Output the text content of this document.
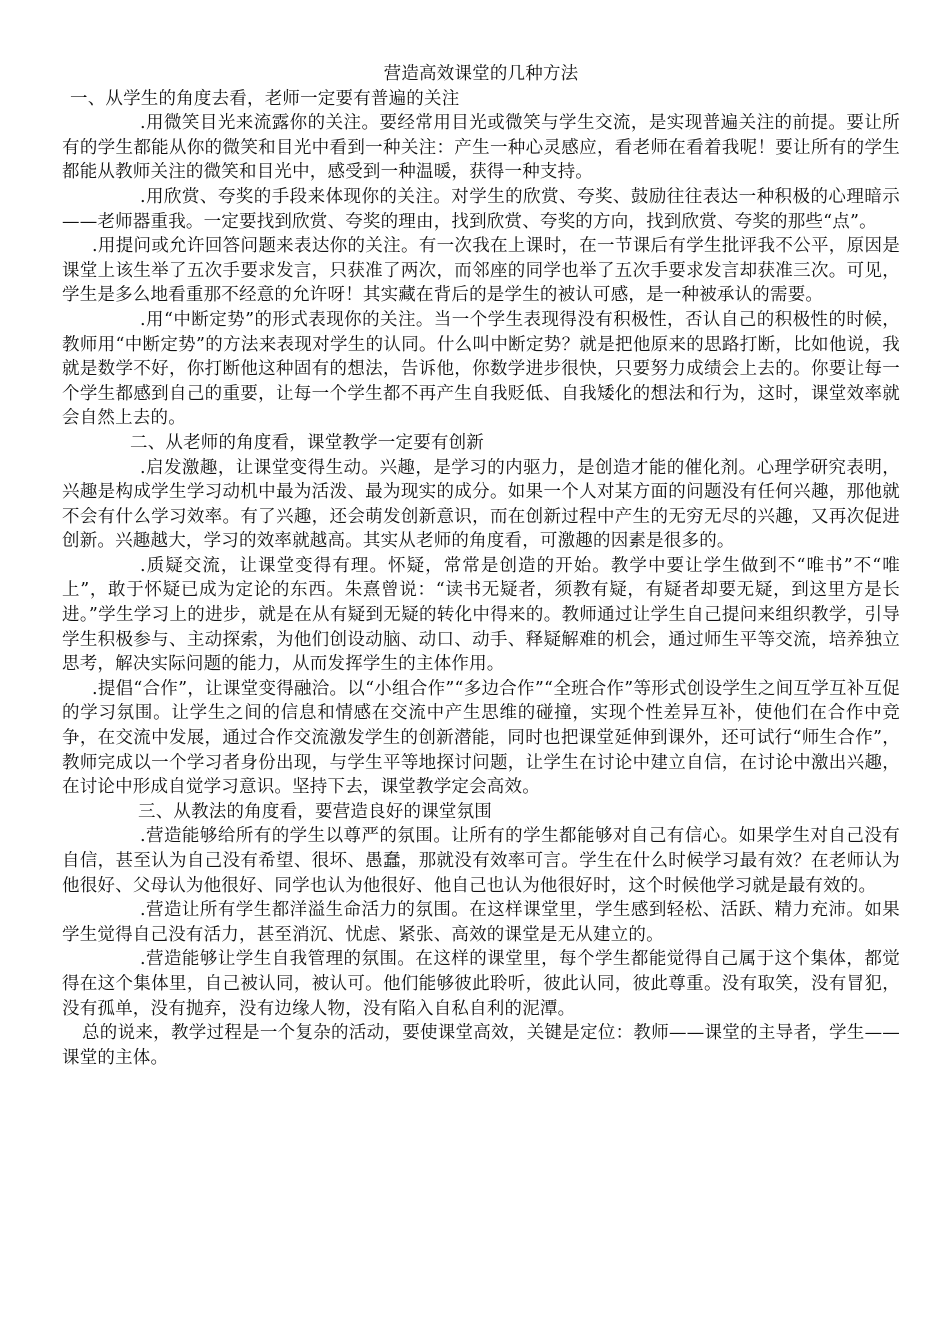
营造高效课堂的几种方法
一、从学生的角度去看，老师一定要有普遍的关注

.用微笑目光来流露你的关注。要经常用目光或微笑与学生交流，是实现普遍关注的前提。要让所有的学生都能从你的微笑和目光中看到一种关注：产生一种心灵感应，看老师在看着我呢！要让所有的学生都能从教师关注的微笑和目光中，感受到一种温暖，获得一种支持。

.用欣赏、夸奖的手段来体现你的关注。对学生的欣赏、夸奖、鼓励往往表达一种积极的心理暗示——老师器重我。一定要找到欣赏、夸奖的理由，找到欣赏、夸奖的方向，找到欣赏、夸奖的那些“点”。

.用提问或允许回答问题来表达你的关注。有一次我在上课时，在一节课后有学生批评我不公平，原因是课堂上该生举了五次手要求发言，只获准了两次，而邻座的同学也举了五次手要求发言却获准三次。可见，学生是多么地看重那不经意的允许呀！其实藏在背后的是学生的被认可感，是一种被承认的需要。

.用“中断定势”的形式表现你的关注。当一个学生表现得没有积极性，否认自己的积极性的时候，教师用“中断定势”的方法来表现对学生的认同。什么叫中断定势？就是把他原来的思路打断，比如他说，我就是数学不好，你打断他这种固有的想法，告诉他，你数学进步很快，只要努力成绩会上去的。你要让每一个学生都感到自己的重要，让每一个学生都不再产生自我贬低、自我矮化的想法和行为，这时，课堂效率就会自然上去的。

二、从老师的角度看，课堂教学一定要有创新

.启发激趣，让课堂变得生动。兴趣，是学习的内驱力，是创造才能的催化剂。心理学研究表明，兴趣是构成学生学习动机中最为活泼、最为现实的成分。如果一个人对某方面的问题没有任何兴趣，那他就不会有什么学习效率。有了兴趣，还会萌发创新意识，而在创新过程中产生的无穷无尽的兴趣，又再次促进创新。兴趣越大，学习的效率就越高。其实从老师的角度看，可激趣的因素是很多的。

.质疑交流，让课堂变得有理。怀疑，常常是创造的开始。教学中要让学生做到不“唯书”不“唯上”，敢于怀疑已成为定论的东西。朱熹曾说：“读书无疑者，须教有疑，有疑者却要无疑，到这里方是长进。”学生学习上的进步，就是在从有疑到无疑的转化中得来的。教师通过让学生自己提问来组织教学，引导学生积极参与、主动探索，为他们创设动脑、动口、动手、释疑解难的机会，通过师生平等交流，培养独立思考，解决实际问题的能力，从而发挥学生的主体作用。

.提倡“合作”，让课堂变得融洽。以“小组合作”“多边合作”“全班合作”等形式创设学生之间互学互补互促的学习氛围。让学生之间的信息和情感在交流中产生思维的碰撞，实现个性差异互补，使他们在合作中竞争，在交流中发展，通过合作交流激发学生的创新潜能，同时也把课堂延伸到课外，还可试行“师生合作”，教师完成以一个学习者身份出现，与学生平等地探讨问题，让学生在讨论中建立自信，在讨论中激出兴趣，在讨论中形成自觉学习意识。坚持下去，课堂教学定会高效。

三、从教法的角度看，要营造良好的课堂氛围

.营造能够给所有的学生以尊严的氛围。让所有的学生都能够对自己有信心。如果学生对自己没有自信，甚至认为自己没有希望、很坏、愚蠢，那就没有效率可言。学生在什么时候学习最有效？在老师认为他很好、父母认为他很好、同学也认为他很好、他自己也认为他很好时，这个时候他学习就是最有效的。

.营造让所有学生都洋溢生命活力的氛围。在这样课堂里，学生感到轻松、活跃、精力充沛。如果学生觉得自己没有活力，甚至消沉、忧虑、紧张、高效的课堂是无从建立的。

.营造能够让学生自我管理的氛围。在这样的课堂里，每个学生都能觉得自己属于这个集体，都觉得在这个集体里，自己被认同，被认可。他们能够彼此聆听，彼此认同，彼此尊重。没有取笑，没有冒犯，没有孤单，没有抛弃，没有边缘人物，没有陷入自私自利的泥潭。

总的说来，教学过程是一个复杂的活动，要使课堂高效，关键是定位：教师——课堂的主导者，学生——课堂的主体。
